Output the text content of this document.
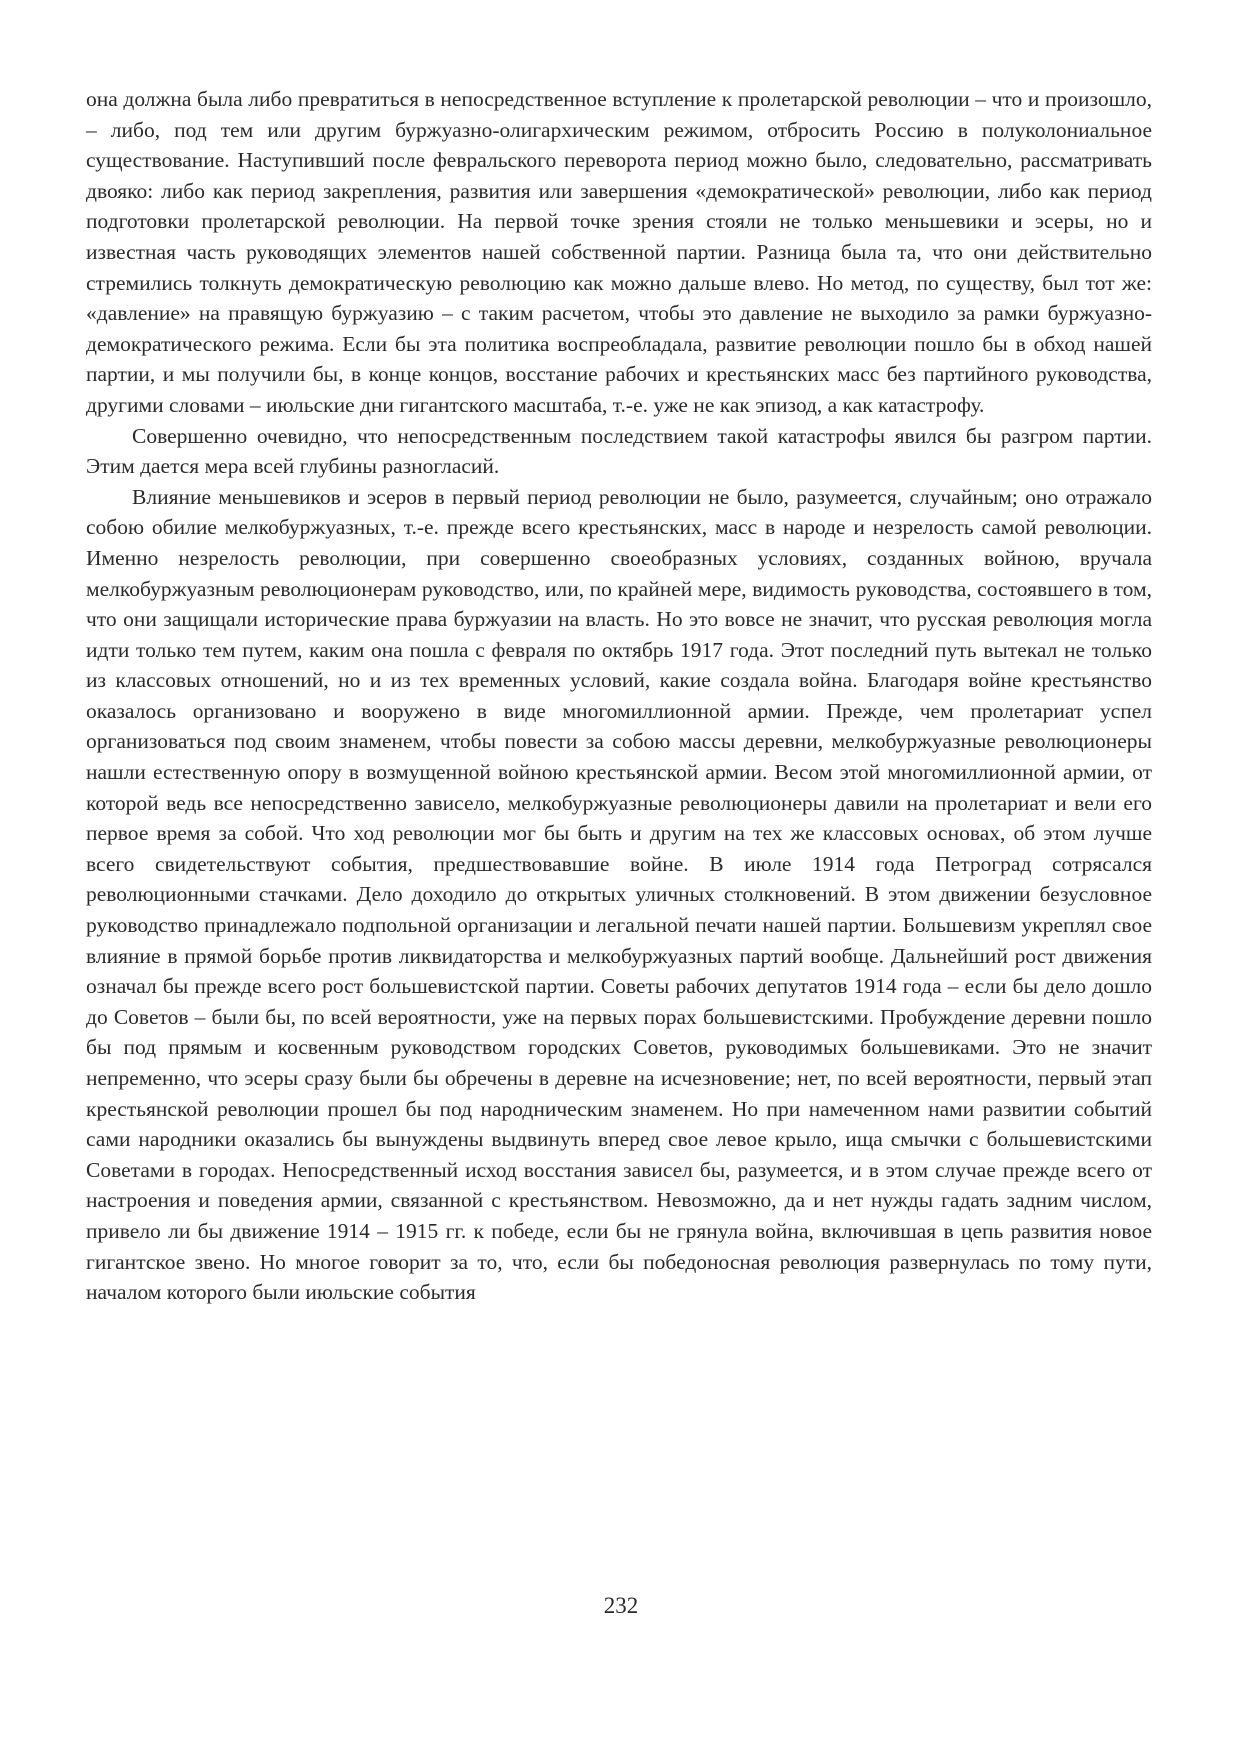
она должна была либо превратиться в непосредственное вступление к пролетарской революции – что и произошло, – либо, под тем или другим буржуазно-олигархическим режимом, отбросить Россию в полуколониальное существование. Наступивший после февральского переворота период можно было, следовательно, рассматривать двояко: либо как период закрепления, развития или завершения «демократической» революции, либо как период подготовки пролетарской революции. На первой точке зрения стояли не только меньшевики и эсеры, но и известная часть руководящих элементов нашей собственной партии. Разница была та, что они действительно стремились толкнуть демократическую революцию как можно дальше влево. Но метод, по существу, был тот же: «давление» на правящую буржуазию – с таким расчетом, чтобы это давление не выходило за рамки буржуазно-демократического режима. Если бы эта политика воспреобладала, развитие революции пошло бы в обход нашей партии, и мы получили бы, в конце концов, восстание рабочих и крестьянских масс без партийного руководства, другими словами – июльские дни гигантского масштаба, т.-е. уже не как эпизод, а как катастрофу.

Совершенно очевидно, что непосредственным последствием такой катастрофы явился бы разгром партии. Этим дается мера всей глубины разногласий.

Влияние меньшевиков и эсеров в первый период революции не было, разумеется, случайным; оно отражало собою обилие мелкобуржуазных, т.-е. прежде всего крестьянских, масс в народе и незрелость самой революции. Именно незрелость революции, при совершенно своеобразных условиях, созданных войною, вручала мелкобуржуазным революционерам руководство, или, по крайней мере, видимость руководства, состоявшего в том, что они защищали исторические права буржуазии на власть. Но это вовсе не значит, что русская революция могла идти только тем путем, каким она пошла с февраля по октябрь 1917 года. Этот последний путь вытекал не только из классовых отношений, но и из тех временных условий, какие создала война. Благодаря войне крестьянство оказалось организовано и вооружено в виде многомиллионной армии. Прежде, чем пролетариат успел организоваться под своим знаменем, чтобы повести за собою массы деревни, мелкобуржуазные революционеры нашли естественную опору в возмущенной войною крестьянской армии. Весом этой многомиллионной армии, от которой ведь все непосредственно зависело, мелкобуржуазные революционеры давили на пролетариат и вели его первое время за собой. Что ход революции мог бы быть и другим на тех же классовых основах, об этом лучше всего свидетельствуют события, предшествовавшие войне. В июле 1914 года Петроград сотрясался революционными стачками. Дело доходило до открытых уличных столкновений. В этом движении безусловное руководство принадлежало подпольной организации и легальной печати нашей партии. Большевизм укреплял свое влияние в прямой борьбе против ликвидаторства и мелкобуржуазных партий вообще. Дальнейший рост движения означал бы прежде всего рост большевистской партии. Советы рабочих депутатов 1914 года – если бы дело дошло до Советов – были бы, по всей вероятности, уже на первых порах большевистскими. Пробуждение деревни пошло бы под прямым и косвенным руководством городских Советов, руководимых большевиками. Это не значит непременно, что эсеры сразу были бы обречены в деревне на исчезновение; нет, по всей вероятности, первый этап крестьянской революции прошел бы под народническим знаменем. Но при намеченном нами развитии событий сами народники оказались бы вынуждены выдвинуть вперед свое левое крыло, ища смычки с большевистскими Советами в городах. Непосредственный исход восстания зависел бы, разумеется, и в этом случае прежде всего от настроения и поведения армии, связанной с крестьянством. Невозможно, да и нет нужды гадать задним числом, привело ли бы движение 1914 – 1915 гг. к победе, если бы не грянула война, включившая в цепь развития новое гигантское звено. Но многое говорит за то, что, если бы победоносная революция развернулась по тому пути, началом которого были июльские события

232
